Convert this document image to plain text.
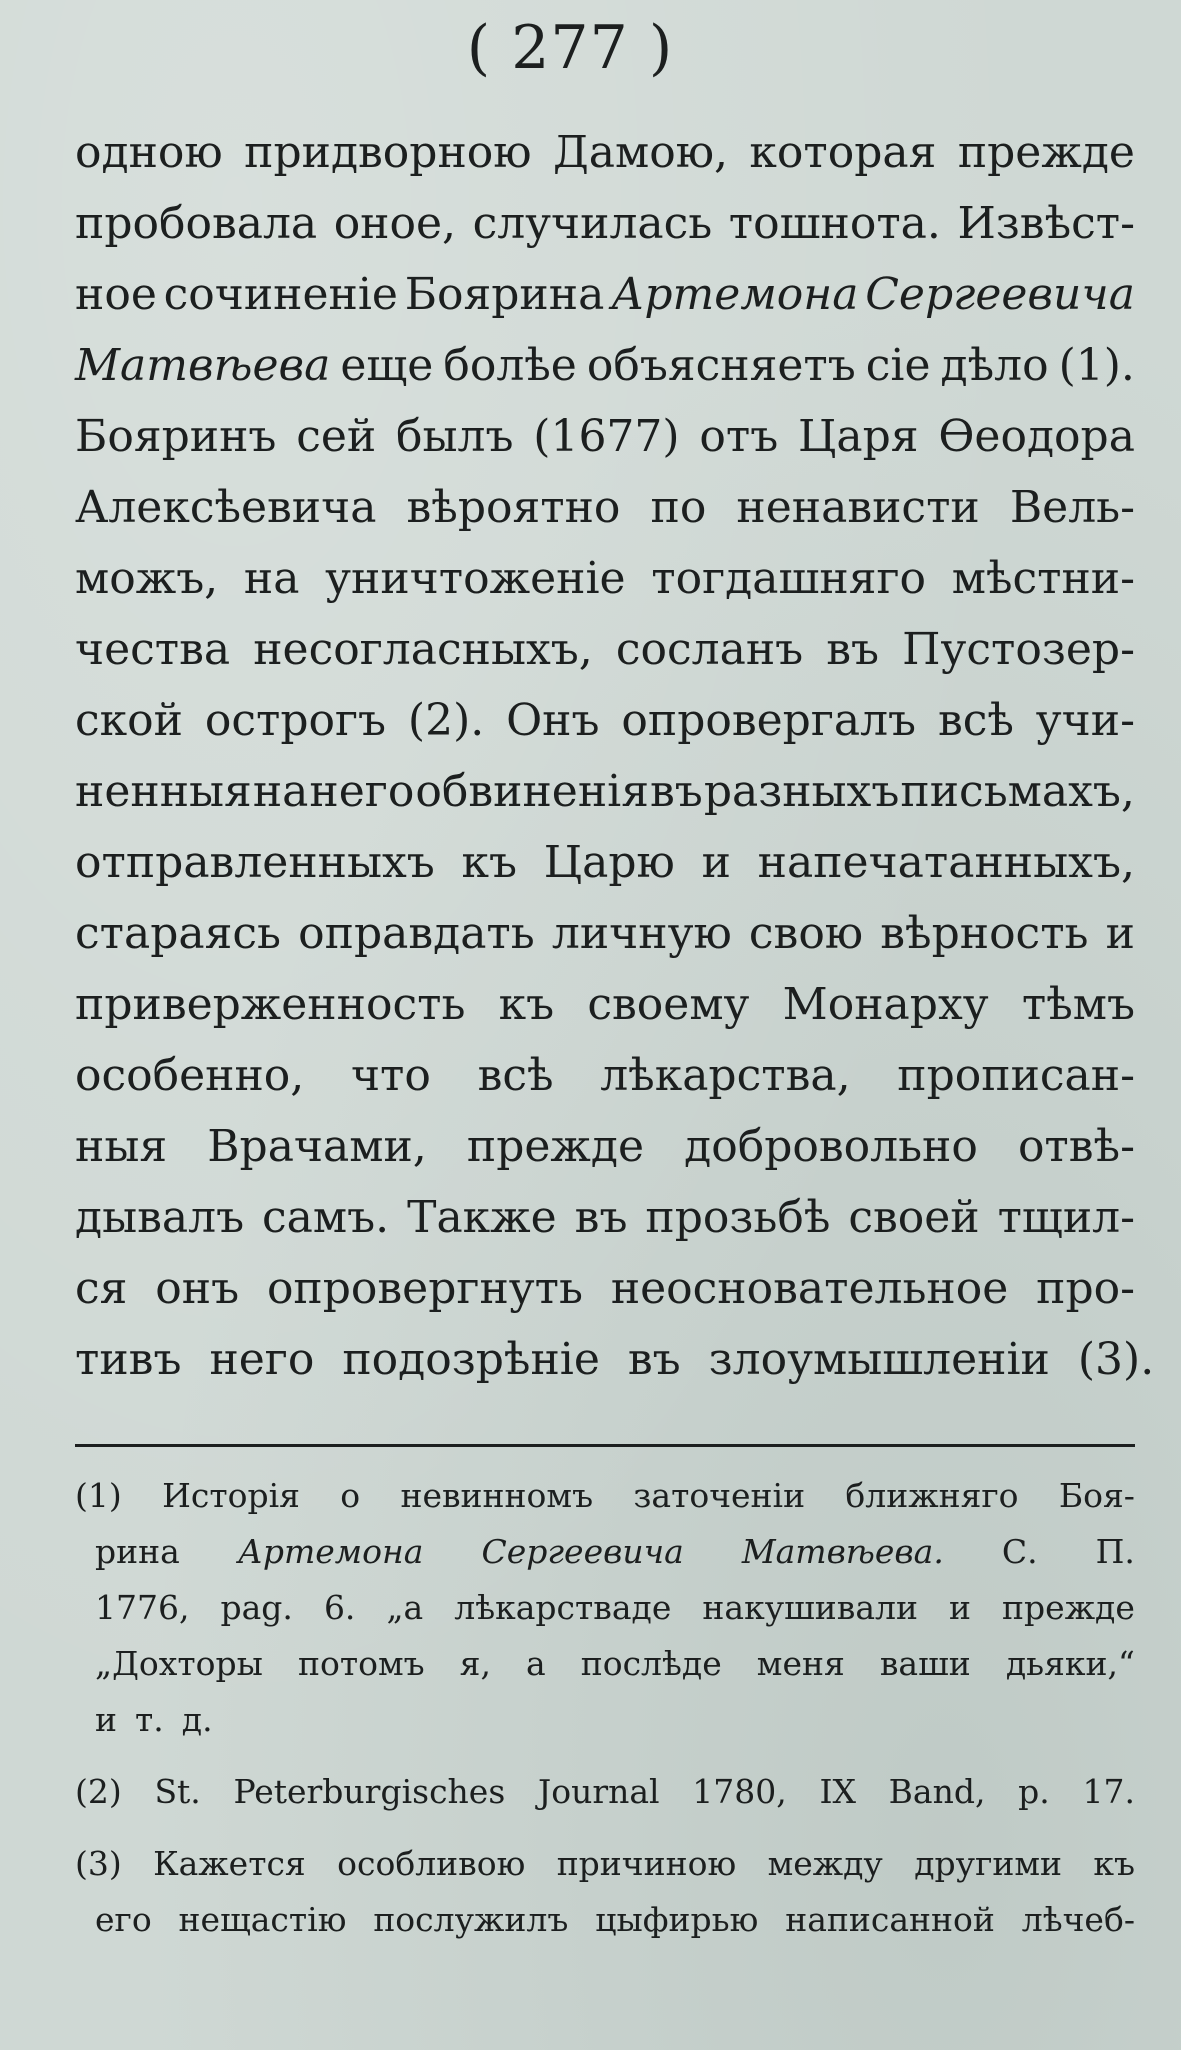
( 277 )
одною придворною Дамою, которая прежде
пробовала оное, случилась тошнота. Извѣст-
ное сочиненіе Боярина Артемона Сергеевича
Матвѣева еще болѣе объясняетъ сіе дѣло (1).
Бояринъ сей былъ (1677) отъ Царя Ѳеодора
Алексѣевича вѣроятно по ненависти Вель-
можъ, на уничтоженіе тогдашняго мѣстни-
чества несогласныхъ, сосланъ въ Пустозер-
ской острогъ (2). Онъ опровергалъ всѣ учи-
ненныя на него обвиненія въ разныхъ письмахъ,
отправленныхъ къ Царю и напечатанныхъ,
стараясь оправдать личную свою вѣрность и
приверженность къ своему Монарху тѣмъ
особенно, что всѣ лѣкарства, прописан-
ныя Врачами, прежде добровольно отвѣ-
дывалъ самъ. Также въ прозьбѣ своей тщил-
ся онъ опровергнуть неосновательное про-
тивъ него подозрѣніе въ злоумышленіи (3).
(1) Исторія о невинномъ заточеніи ближняго Боя-
рина Артемона Сергеевича Матвѣева. С. П.
1776, pag. 6. „а лѣкарстваде накушивали и прежде
„Дохторы потомъ я, а послѣде меня ваши дьяки,“
и т. д.
(2) St. Peterburgisches Journal 1780, IX Band, p. 17.
(3) Кажется особливою причиною между другими къ
его нещастію послужилъ цыфирью написанной лѣчеб-
